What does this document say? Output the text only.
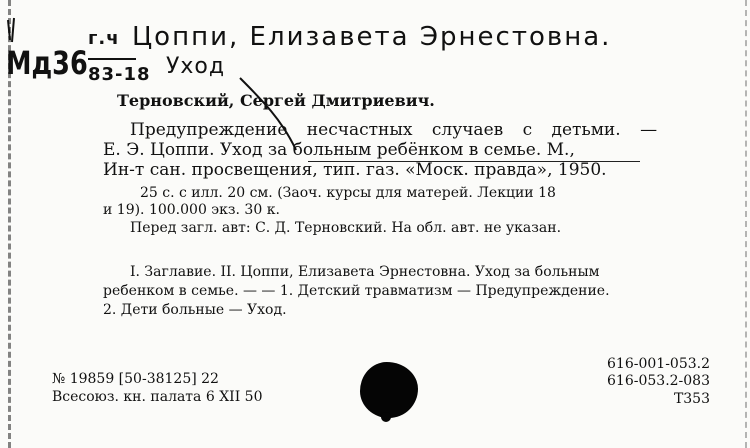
Мд36
г.ч
83-18
Цоппи, Елизавета Эрнестовна.
Уход
Терновский, Сергей Дмитриевич.
Предупреждение несчастных случаев с детьми. —
Е. Э. Цоппи. Уход за больным ребёнком в семье. М.,
Ин-т сан. просвещения, тип. газ. «Моск. правда», 1950.
25 с. с илл. 20 см. (Заоч. курсы для матерей. Лекции 18
и 19). 100.000 экз. 30 к.
Перед загл. авт: С. Д. Терновский. На обл. авт. не указан.
I. Заглавие. II. Цоппи, Елизавета Эрнестовна. Уход за больным
ребенком в семье. — — 1. Детский травматизм — Предупреждение.
2. Дети больные — Уход.
616-001-053.2
616-053.2-083
Т353
№ 19859 [50-38125] 22
Всесоюз. кн. палата 6 XII 50
